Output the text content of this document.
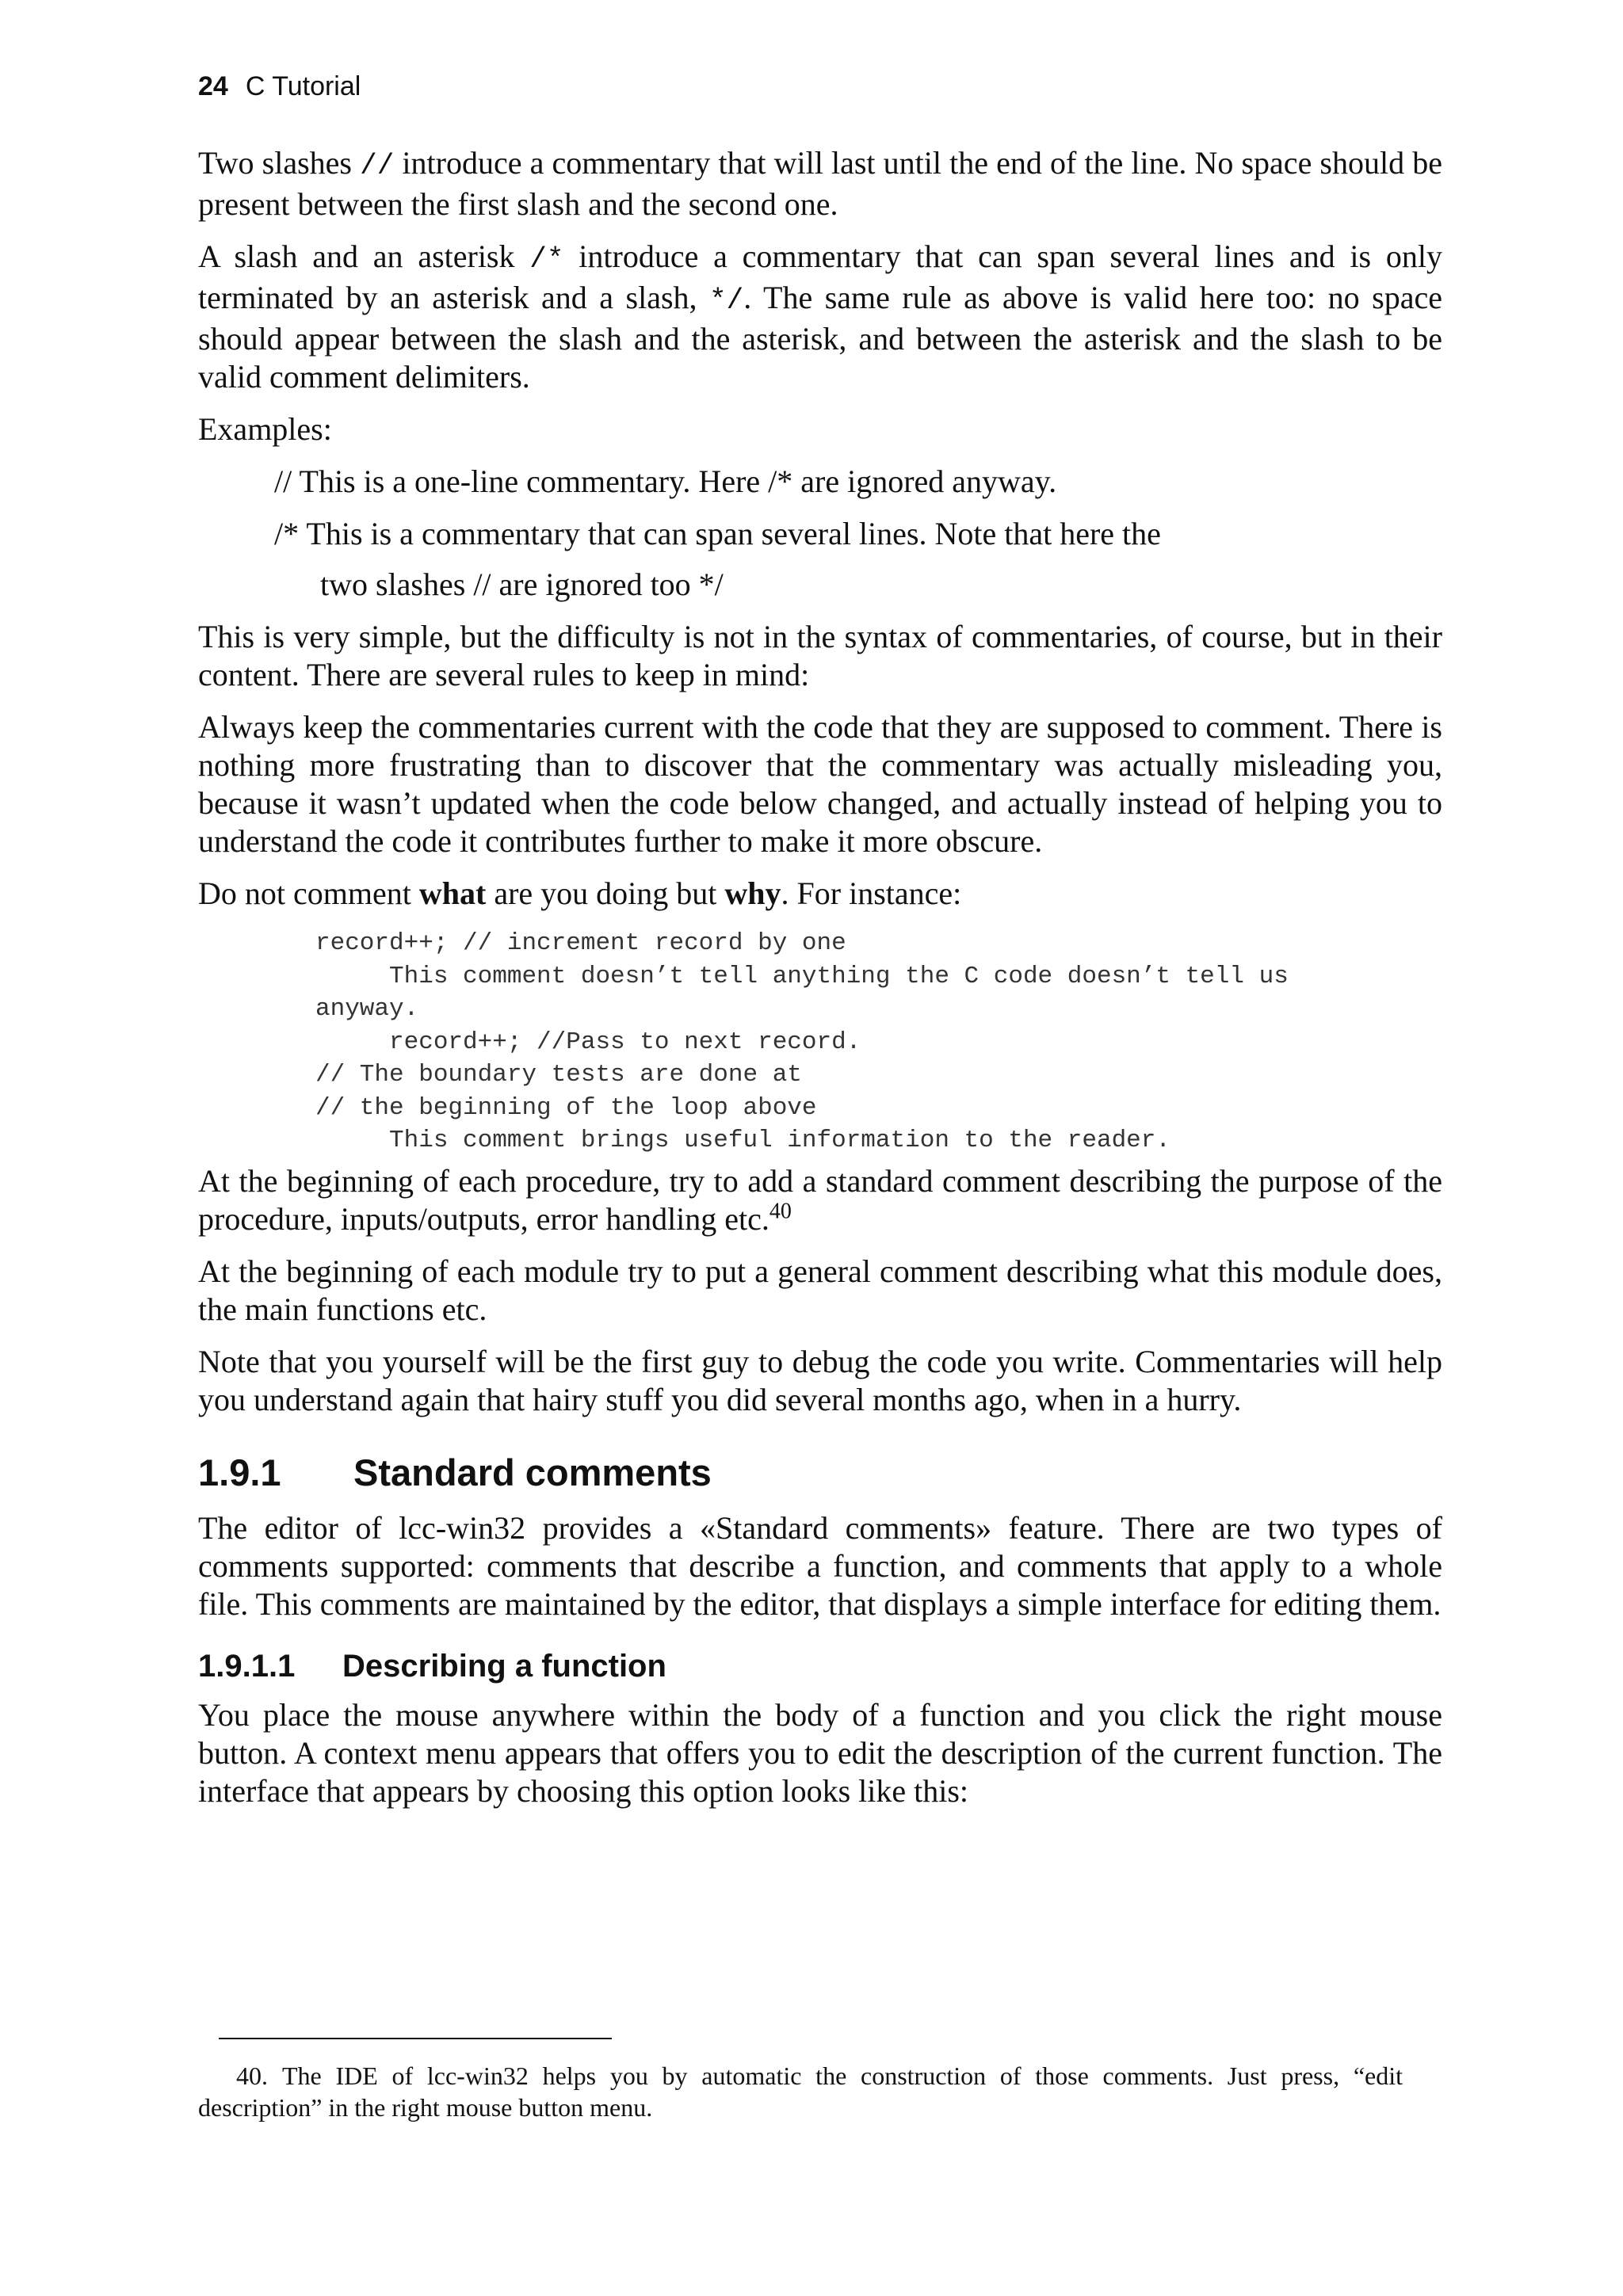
24 C Tutorial

Two slashes // introduce a commentary that will last until the end of the line. No space should be present between the first slash and the second one.

A slash and an asterisk /* introduce a commentary that can span several lines and is only terminated by an asterisk and a slash, */. The same rule as above is valid here too: no space should appear between the slash and the asterisk, and between the asterisk and the slash to be valid comment delimiters.

Examples:

// This is a one-line commentary. Here /* are ignored anyway.
/* This is a commentary that can span several lines. Note that here the
two slashes // are ignored too */

This is very simple, but the difficulty is not in the syntax of commentaries, of course, but in their content. There are several rules to keep in mind:

Always keep the commentaries current with the code that they are supposed to comment. There is nothing more frustrating than to discover that the commentary was actually misleading you, because it wasn’t updated when the code below changed, and actually instead of helping you to understand the code it contributes further to make it more obscure.

Do not comment what are you doing but why. For instance:

record++; // increment record by one
This comment doesn’t tell anything the C code doesn’t tell us
anyway.
record++; //Pass to next record.
// The boundary tests are done at
// the beginning of the loop above
This comment brings useful information to the reader.

At the beginning of each procedure, try to add a standard comment describing the purpose of the procedure, inputs/outputs, error handling etc.$^{40}$

At the beginning of each module try to put a general comment describing what this module does, the main functions etc.

Note that you yourself will be the first guy to debug the code you write. Commentaries will help you understand again that hairy stuff you did several months ago, when in a hurry.

1.9.1 Standard comments

The editor of lcc-win32 provides a «Standard comments» feature. There are two types of comments supported: comments that describe a function, and comments that apply to a whole file. This comments are maintained by the editor, that displays a simple interface for editing them.

1.9.1.1 Describing a function

You place the mouse anywhere within the body of a function and you click the right mouse button. A context menu appears that offers you to edit the description of the current function. The interface that appears by choosing this option looks like this:

40. The IDE of lcc-win32 helps you by automatic the construction of those comments. Just press, “edit description” in the right mouse button menu.
